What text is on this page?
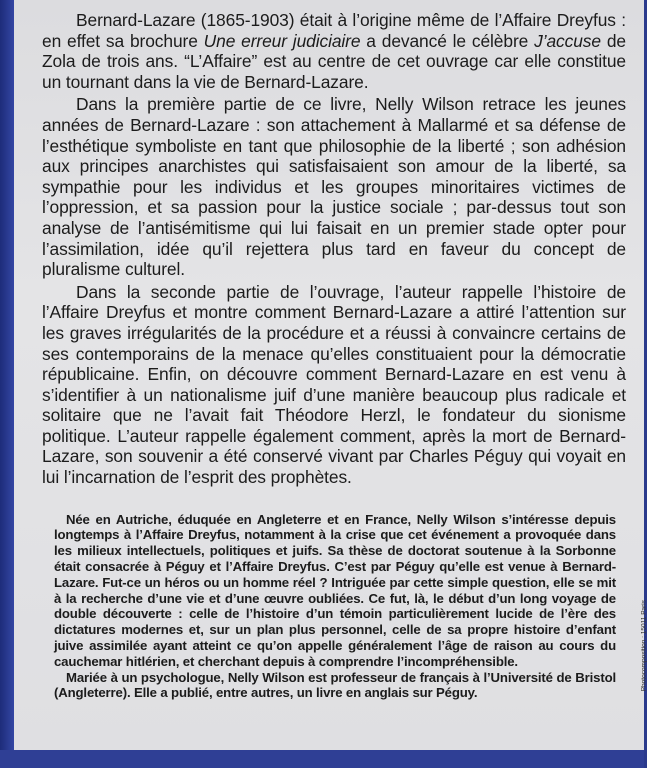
Bernard-Lazare (1865-1903) était à l’origine même de l’Affaire Dreyfus : en effet sa brochure Une erreur judiciaire a devancé le célèbre J’accuse de Zola de trois ans. “L’Affaire” est au centre de cet ouvrage car elle constitue un tournant dans la vie de Bernard-Lazare.

Dans la première partie de ce livre, Nelly Wilson retrace les jeunes années de Bernard-Lazare : son attachement à Mallarmé et sa défense de l’esthétique symboliste en tant que philosophie de la liberté ; son adhésion aux principes anarchistes qui satisfaisaient son amour de la liberté, sa sympathie pour les individus et les groupes minoritaires victimes de l’oppression, et sa passion pour la justice sociale ; par-dessus tout son analyse de l’antisémitisme qui lui faisait en un premier stade opter pour l’assimilation, idée qu’il rejettera plus tard en faveur du concept de pluralisme culturel.

Dans la seconde partie de l’ouvrage, l’auteur rappelle l’histoire de l’Affaire Dreyfus et montre comment Bernard-Lazare a attiré l’attention sur les graves irrégularités de la procédure et a réussi à convaincre certains de ses contemporains de la menace qu’elles constituaient pour la démocratie républicaine. Enfin, on découvre comment Bernard-Lazare en est venu à s’identifier à un nationalisme juif d’une manière beaucoup plus radicale et solitaire que ne l’avait fait Théodore Herzl, le fondateur du sionisme politique. L’auteur rappelle également comment, après la mort de Bernard-Lazare, son souvenir a été conservé vivant par Charles Péguy qui voyait en lui l’incarnation de l’esprit des prophètes.

Née en Autriche, éduquée en Angleterre et en France, Nelly Wilson s’intéresse depuis longtemps à l’Affaire Dreyfus, notamment à la crise que cet événement a provoquée dans les milieux intellectuels, politiques et juifs. Sa thèse de doctorat soutenue à la Sorbonne était consacrée à Péguy et l’Affaire Dreyfus. C’est par Péguy qu’elle est venue à Bernard-Lazare. Fut-ce un héros ou un homme réel ? Intriguée par cette simple question, elle se mit à la recherche d’une vie et d’une œuvre oubliées. Ce fut, là, le début d’un long voyage de double découverte : celle de l’histoire d’un témoin particulièrement lucide de l’ère des dictatures modernes et, sur un plan plus personnel, celle de sa propre histoire d’enfant juive assimilée ayant atteint ce qu’on appelle généralement l’âge de raison au cours du cauchemar hitlérien, et cherchant depuis à comprendre l’incompréhensible.

Mariée à un psychologue, Nelly Wilson est professeur de français à l’Université de Bristol (Angleterre). Elle a publié, entre autres, un livre en anglais sur Péguy.

Photocomposition : 15011 Paris
